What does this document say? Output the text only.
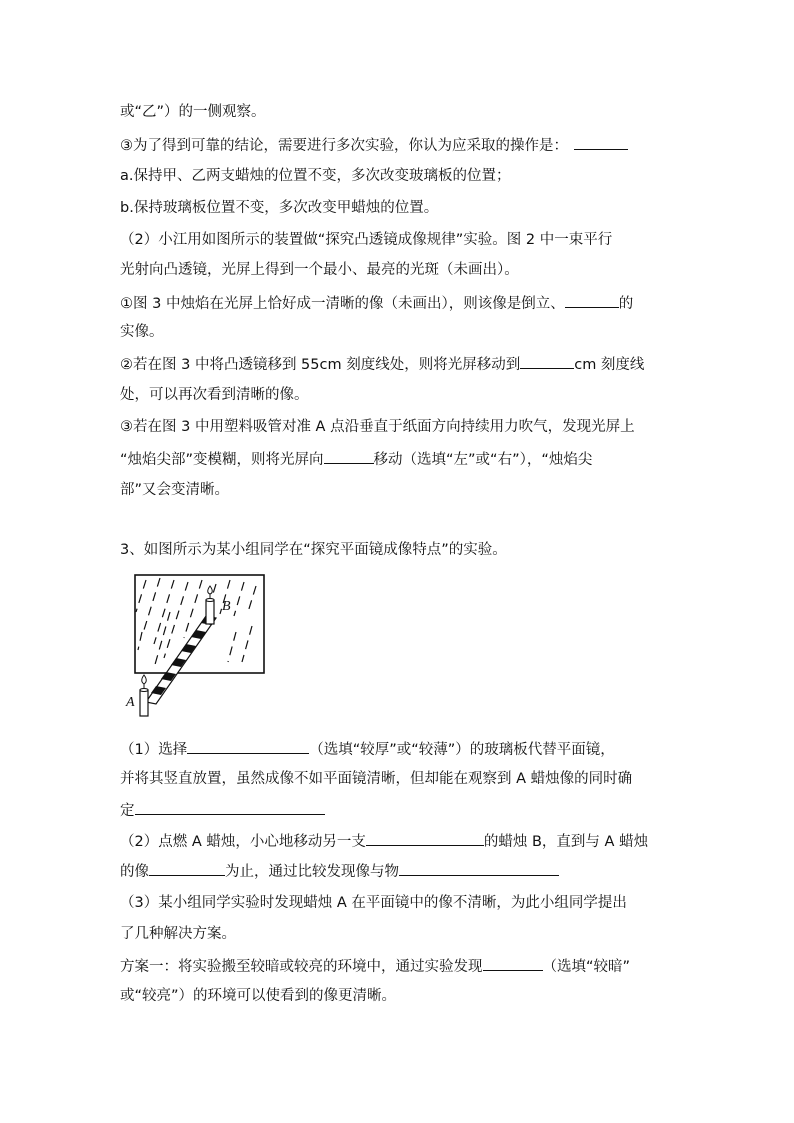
或“乙”）的一侧观察。
③为了得到可靠的结论，需要进行多次实验，你认为应采取的操作是：
a.保持甲、乙两支蜡烛的位置不变，多次改变玻璃板的位置；
b.保持玻璃板位置不变，多次改变甲蜡烛的位置。
（2）小江用如图所示的装置做“探究凸透镜成像规律”实验。图 2 中一束平行
光射向凸透镜，光屏上得到一个最小、最亮的光斑（未画出）。
①图 3 中烛焰在光屏上恰好成一清晰的像（未画出），则该像是倒立、	的
实像。
②若在图 3 中将凸透镜移到 55cm 刻度线处，则将光屏移动到	cm 刻度线
处，可以再次看到清晰的像。
③若在图 3 中用塑料吸管对准 A 点沿垂直于纸面方向持续用力吹气，发现光屏上
“烛焰尖部”变模糊，则将光屏向	移动（选填“左”或“右”），“烛焰尖
部”又会变清晰。
3、如图所示为某小组同学在“探究平面镜成像特点”的实验。
B
A
（1）选择	（选填“较厚”或“较薄”）的玻璃板代替平面镜，
并将其竖直放置，虽然成像不如平面镜清晰，但却能在观察到 A 蜡烛像的同时确
定
（2）点燃 A 蜡烛，小心地移动另一支	的蜡烛 B，直到与 A 蜡烛
的像	为止，通过比较发现像与物
（3）某小组同学实验时发现蜡烛 A 在平面镜中的像不清晰，为此小组同学提出
了几种解决方案。
方案一：将实验搬至较暗或较亮的环境中，通过实验发现	（选填“较暗”
或“较亮”）的环境可以使看到的像更清晰。
